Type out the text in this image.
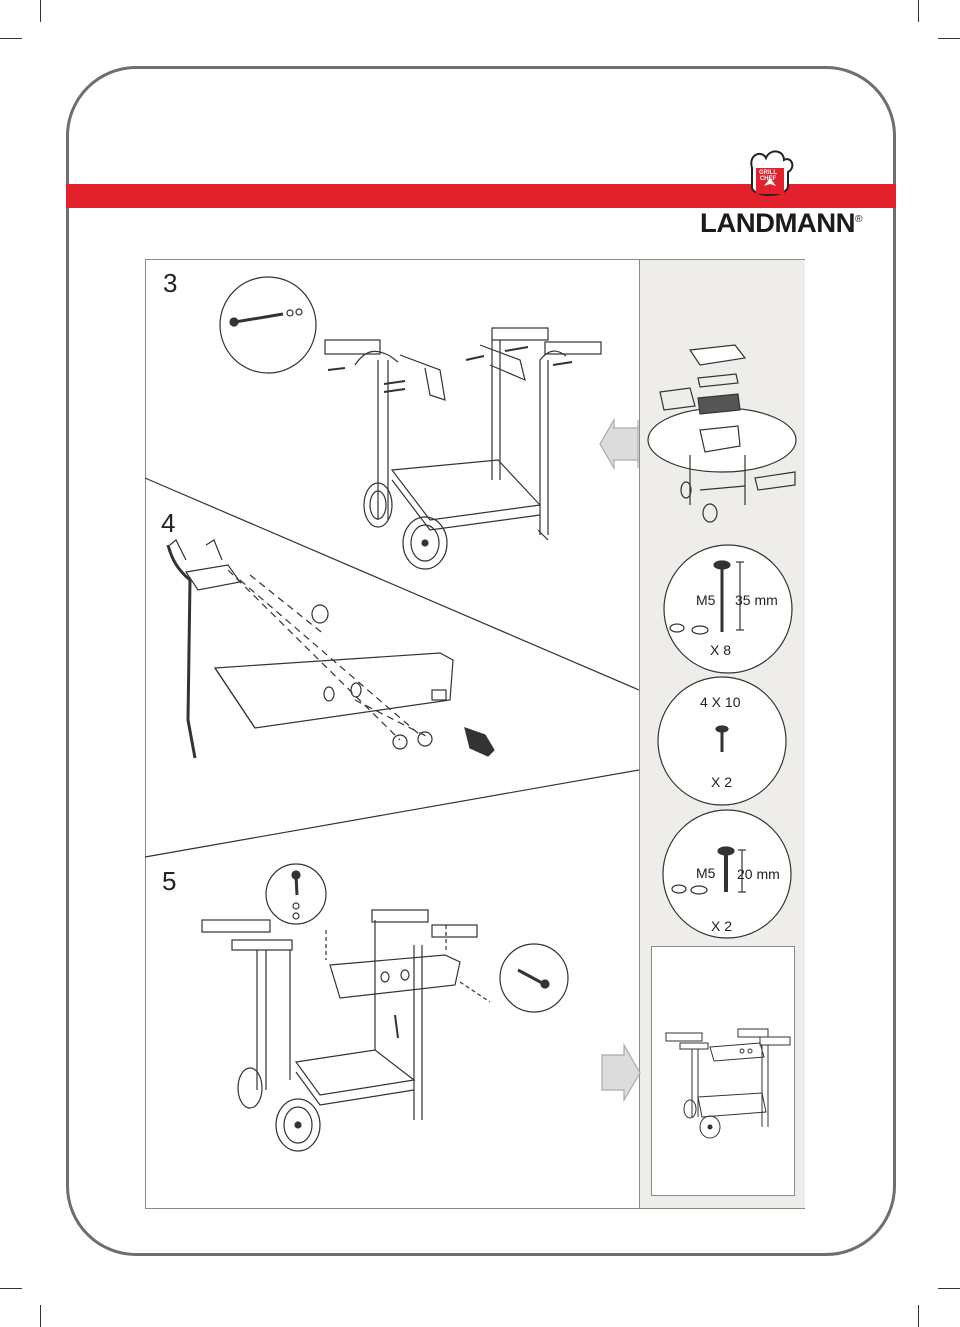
GRILL
CHEF
LANDMANN®
3
4
5
M5 35 mm
X 8
4 X 10
X 2
M5 20 mm
X 2
